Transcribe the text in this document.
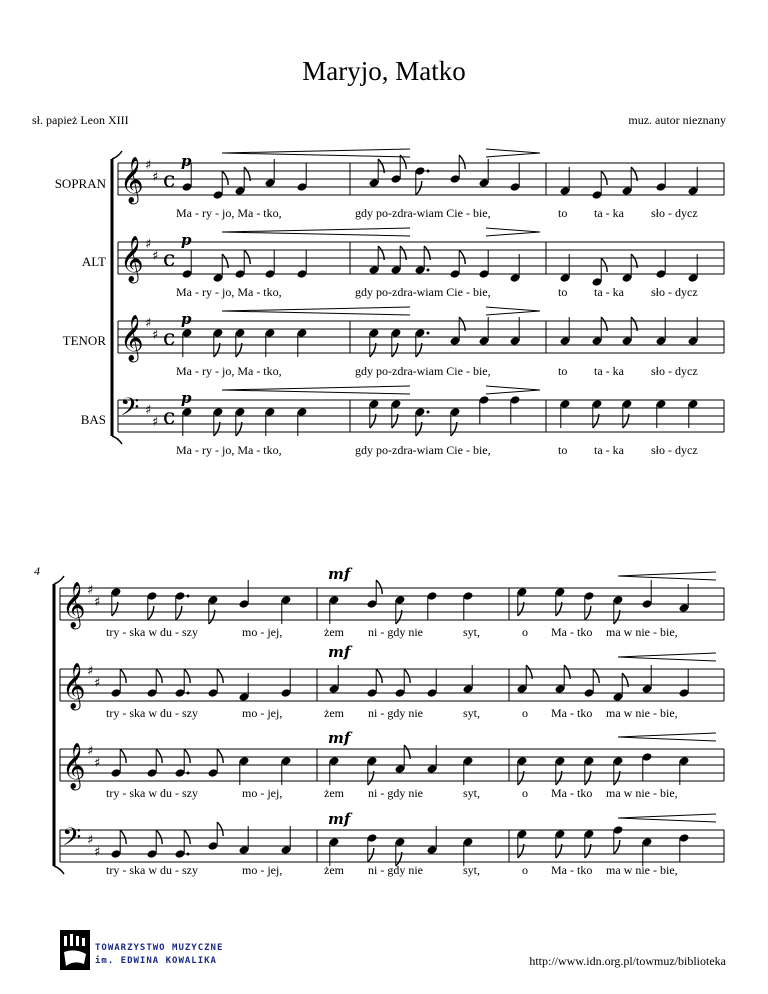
Maryjo, Matko
sł. papież Leon XIII	muz. autor nieznany
SOPRAN
ALT
TENOR
BAS
p
p
p
p
mf
mf
mf
mf
4
Ma - ry - jo, Ma - tko,	gdy po-zdra-wiam Cie - bie,	to ta - ka sło - dycz
Ma - ry - jo, Ma - tko,	gdy po-zdra-wiam Cie - bie,	to ta - ka sło - dycz
Ma - ry - jo, Ma - tko,	gdy po-zdra-wiam Cie - bie,	to ta - ka sło - dycz
Ma - ry - jo, Ma - tko,	gdy po-zdra-wiam Cie - bie,	to ta - ka sło - dycz
try - ska w du - szy	mo - jej,	żem ni - gdy nie	syt,	o Ma - tko ma w nie - bie,
try - ska w du - szy	mo - jej,	żem ni - gdy nie	syt,	o Ma - tko ma w nie - bie,
try - ska w du - szy	mo - jej,	żem ni - gdy nie	syt,	o Ma - tko ma w nie - bie,
try - ska w du - szy	mo - jej,	żem ni - gdy nie	syt,	o Ma - tko ma w nie - bie,
𝄞 ♯
♯ c
𝄞 ♯
♯ c
𝄞 ♯
♯ c
𝄢 ♯
♯ c
𝄞 ♯
♯
𝄞 ♯
♯
𝄞 ♯
♯
𝄢 ♯
♯
TOWARZYSTWO MUZYCZNE
im. EDWINA KOWALIKA	http://www.idn.org.pl/towmuz/biblioteka
